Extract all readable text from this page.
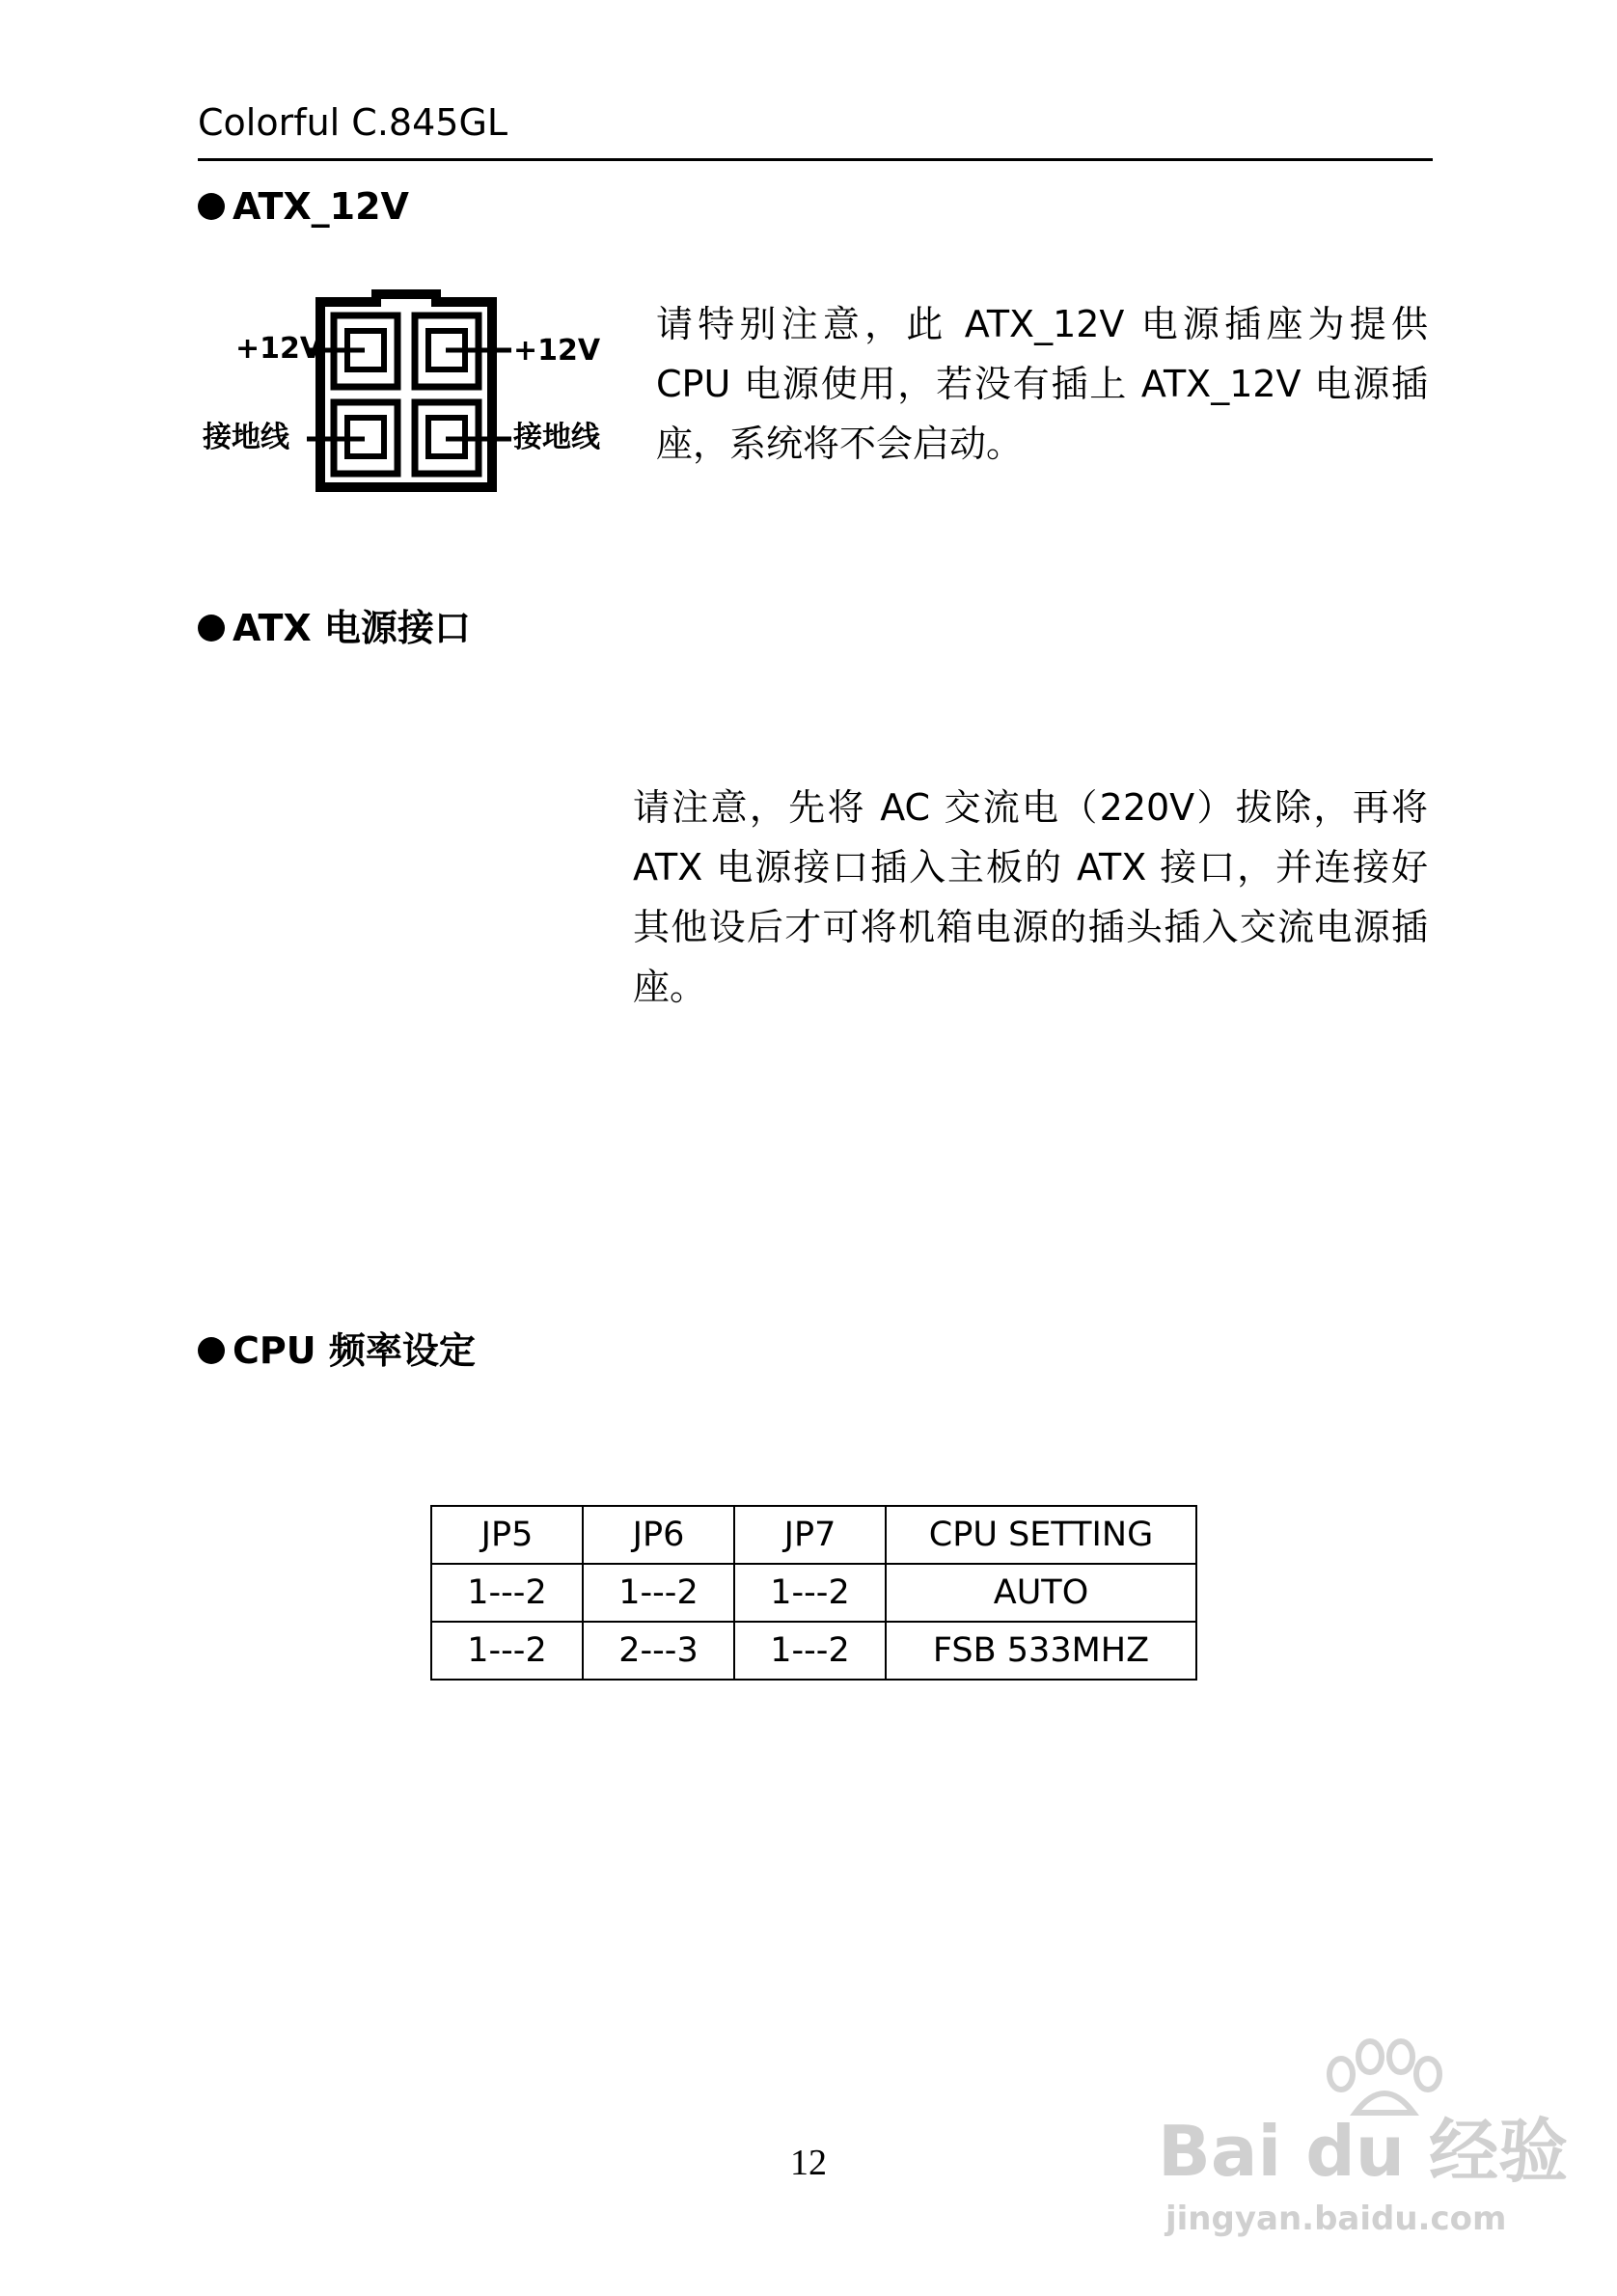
Colorful C.845GL
ATX_12V
+12V	+12V
接地线	接地线
请特别注意，此 ATX_12V 电源插座为提供 CPU 电源使用，若没有插上 ATX_12V 电源插座，系统将不会启动。
ATX 电源接口
请注意，先将 AC 交流电（220V）拔除，再将 ATX 电源接口插入主板的 ATX 接口，并连接好其他设后才可将机箱电源的插头插入交流电源插座。
CPU 频率设定
JP5	JP6	JP7	CPU SETTING
1---2	1---2	1---2	AUTO
1---2	2---3	1---2	FSB 533MHZ
12	Bai du 经验
jingyan.baidu.com
